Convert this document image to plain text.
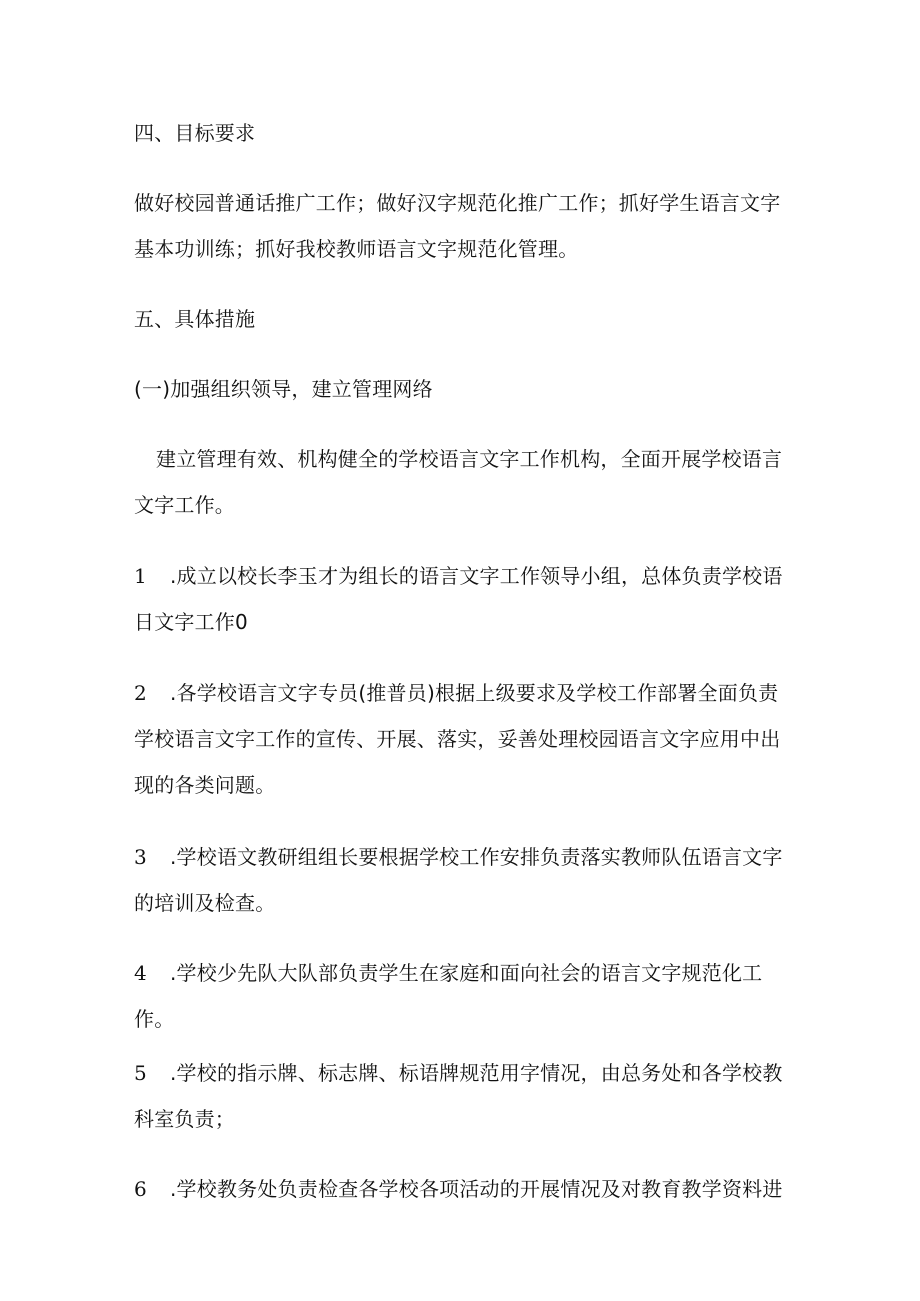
四、目标要求

做好校园普通话推广工作；做好汉字规范化推广工作；抓好学生语言文字基本功训练；抓好我校教师语言文字规范化管理。

五、具体措施

(一)加强组织领导，建立管理网络

建立管理有效、机构健全的学校语言文字工作机构，全面开展学校语言文字工作。

1 .成立以校长李玉才为组长的语言文字工作领导小组，总体负责学校语日文字工作0

2 .各学校语言文字专员(推普员)根据上级要求及学校工作部署全面负责学校语言文字工作的宣传、开展、落实，妥善处理校园语言文字应用中出现的各类问题。

3 .学校语文教研组组长要根据学校工作安排负责落实教师队伍语言文字的培训及检查。

4 .学校少先队大队部负责学生在家庭和面向社会的语言文字规范化工作。

5 .学校的指示牌、标志牌、标语牌规范用字情况，由总务处和各学校教科室负责；

6 .学校教务处负责检查各学校各项活动的开展情况及对教育教学资料进
